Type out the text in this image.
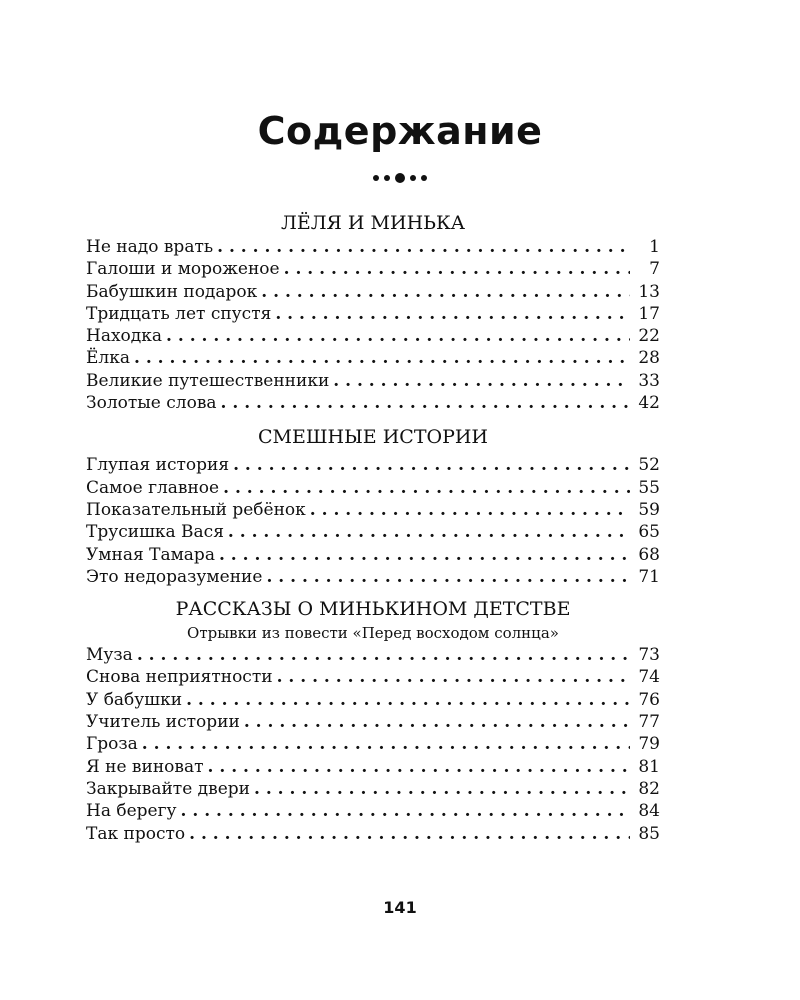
Содержание
ЛЁЛЯ И МИНЬКА
Не надо врать . . .	1
Галоши и мороженое . . .	7
Бабушкин подарок . . .	13
Тридцать лет спустя . . .	17
Находка . . .	22
Ёлка . . .	28
Великие путешественники . . .	33
Золотые слова . . .	42
СМЕШНЫЕ ИСТОРИИ
Глупая история . . .	52
Самое главное . . .	55
Показательный ребёнок . . .	59
Трусишка Вася . . .	65
Умная Тамара . . .	68
Это недоразумение . . .	71
РАССКАЗЫ О МИНЬКИНОМ ДЕТСТВЕ
Отрывки из повести «Перед восходом солнца»
Муза . . .	73
Снова неприятности . . .	74
У бабушки . . .	76
Учитель истории . . .	77
Гроза . . .	79
Я не виноват . . .	81
Закрывайте двери . . .	82
На берегу . . .	84
Так просто . . .	85
141
